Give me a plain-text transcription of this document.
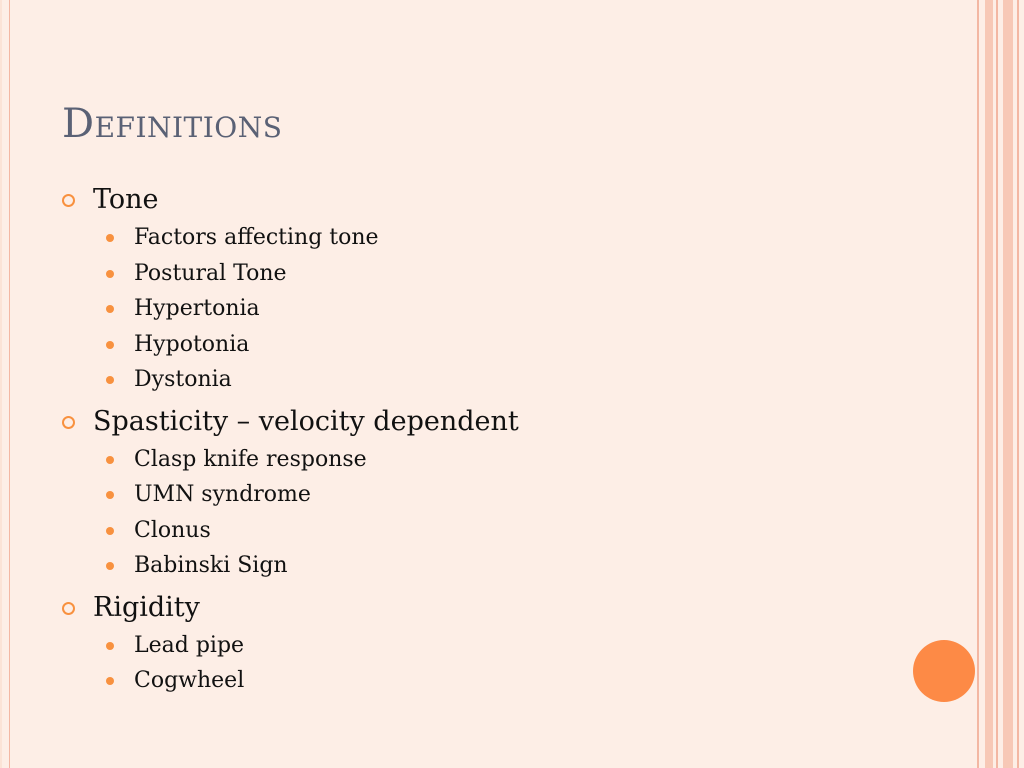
Definitions
Tone
Factors affecting tone
Postural Tone
Hypertonia
Hypotonia
Dystonia
Spasticity – velocity dependent
Clasp knife response
UMN syndrome
Clonus
Babinski Sign
Rigidity
Lead pipe
Cogwheel
